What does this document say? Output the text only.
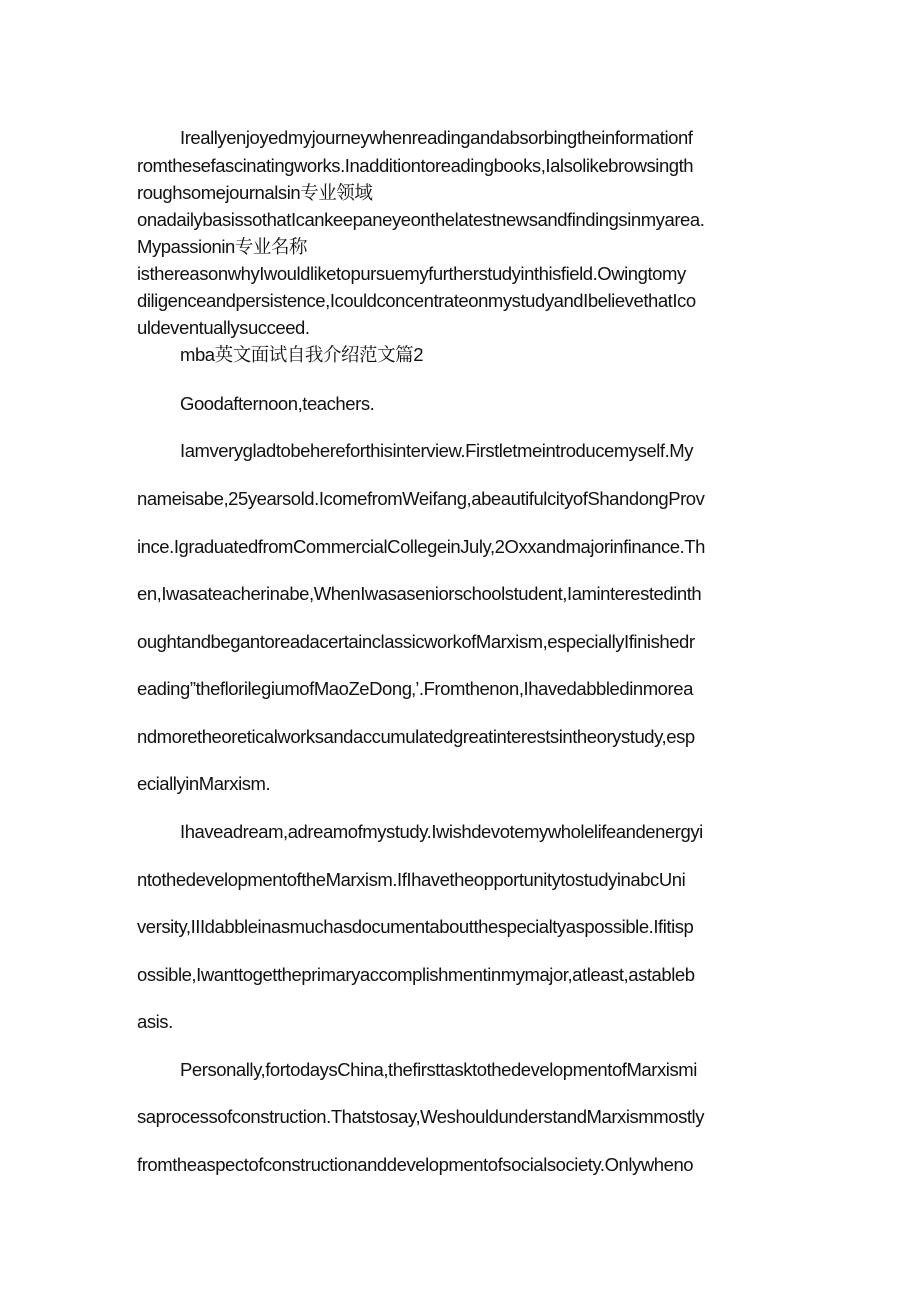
Ireallyenjoyedmyjourneywhenreadingandabsorbingtheinformationf
romthesefascinatingworks.Inadditiontoreadingbooks,Ialsolikebrowsingth
roughsomejournalsin专业领域
onadailybasissothatIcankeepaneyeonthelatestnewsandfindingsinmyarea.
Mypassionin专业名称
isthereasonwhyIwouldliketopursuemyfurtherstudyinthisfield.Owingtomy
diligenceandpersistence,IcouldconcentrateonmystudyandIbelievethatIco
uldeventuallysucceed.
mba英文面试自我介绍范文篇2
Goodafternoon,teachers.
Iamverygladtobehereforthisinterview.Firstletmeintroducemyself.My
nameisabe,25yearsold.IcomefromWeifang,abeautifulcityofShandongProv
ince.IgraduatedfromCommercialCollegeinJuly,2Oxxandmajorinfinance.Th
en,Iwasateacherinabe,WhenIwasaseniorschoolstudent,Iaminterestedinth
oughtandbegantoreadacertainclassicworkofMarxism,especiallyIfinishedr
eading”theflorilegiumofMaoZeDong‚’.Fromthenon,Ihavedabbledinmorea
ndmoretheoreticalworksandaccumulatedgreatinterestsintheorystudy,esp
eciallyinMarxism.
Ihaveadream,adreamofmystudy.Iwishdevotemywholelifeandenergyi
ntothedevelopmentoftheMarxism.IfIhavetheopportunitytostudyinabcUni
versity,IIIdabbleinasmuchasdocumentaboutthespecialtyaspossible.Ifitisp
ossible,Iwanttogettheprimaryaccomplishmentinmymajor,atleast,astableb
asis.
Personally,fortodaysChina,thefirsttasktothedevelopmentofMarxismi
saprocessofconstruction.Thatstosay,WeshouldunderstandMarxismmostly
fromtheaspectofconstructionanddevelopmentofsocialsociety.Onlywheno
